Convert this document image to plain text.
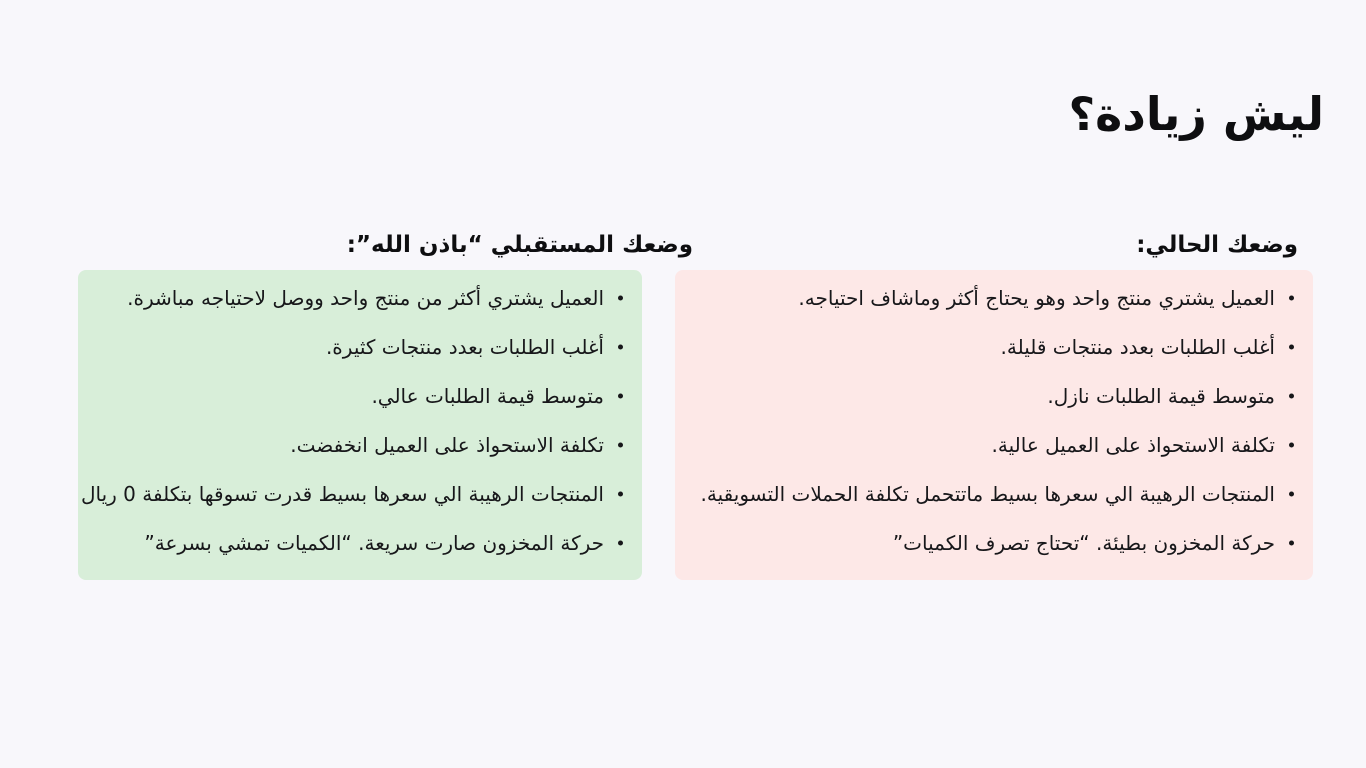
ليش زيادة؟
وضعك الحالي:
وضعك المستقبلي “باذن الله”:
العميل يشتري منتج واحد وهو يحتاج أكثر وماشاف احتياجه.
أغلب الطلبات بعدد منتجات قليلة.
متوسط قيمة الطلبات نازل.
تكلفة الاستحواذ على العميل عالية.
المنتجات الرهيبة الي سعرها بسيط ماتتحمل تكلفة الحملات التسويقية.
حركة المخزون بطيئة. “تحتاج تصرف الكميات”
العميل يشتري أكثر من منتج واحد ووصل لاحتياجه مباشرة.
أغلب الطلبات بعدد منتجات كثيرة.
متوسط قيمة الطلبات عالي.
تكلفة الاستحواذ على العميل انخفضت.
المنتجات الرهيبة الي سعرها بسيط قدرت تسوقها بتكلفة 0 ريال
حركة المخزون صارت سريعة. “الكميات تمشي بسرعة”
